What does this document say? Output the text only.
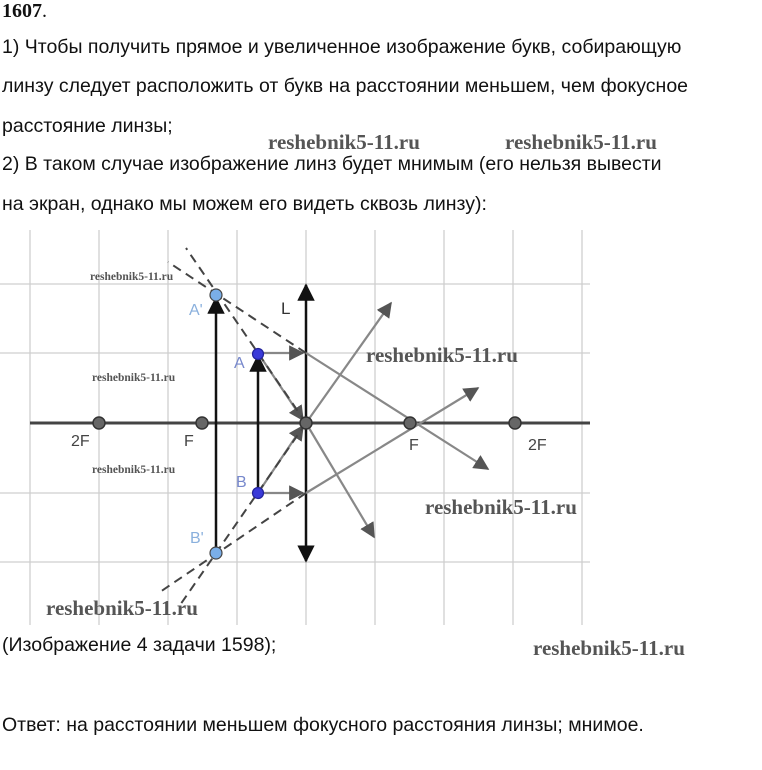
1607.
1) Чтобы получить прямое и увеличенное изображение букв, собирающую
линзу следует расположить от букв на расстоянии меньшем, чем фокусное
расстояние линзы;
2) В таком случае изображение линз будет мнимым (его нельзя вывести
на экран, однако мы можем его видеть сквозь линзу):
reshebnik5-11.ru	reshebnik5-11.ru
L
A
B
A'
B'
2F	F	F	2F
reshebnik5-11.ru
reshebnik5-11.ru
reshebnik5-11.ru
reshebnik5-11.ru
reshebnik5-11.ru
reshebnik5-11.ru
(Изображение 4 задачи 1598);	reshebnik5-11.ru
Ответ: на расстоянии меньшем фокусного расстояния линзы; мнимое.
